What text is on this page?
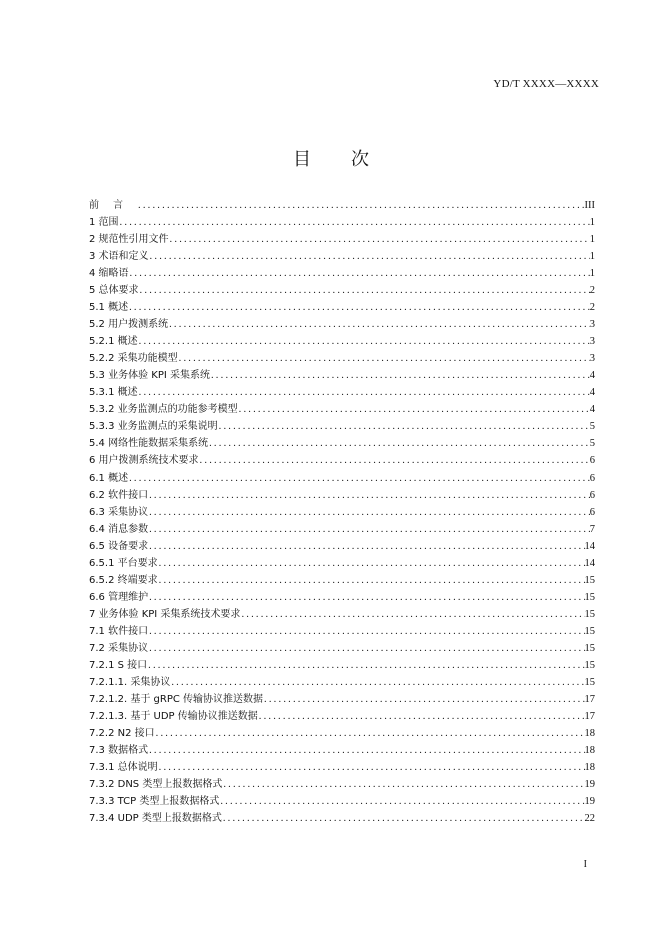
YD/T XXXX—XXXX
目 次
前言 .....	III
1 范围 .....	1
2 规范性引用文件 .....	1
3 术语和定义 .....	1
4 缩略语 .....	1
5 总体要求 .....	2
5.1 概述 .....	2
5.2 用户拨测系统 .....	3
5.2.1 概述 .....	3
5.2.2 采集功能模型 .....	3
5.3 业务体验 KPI 采集系统 .....	4
5.3.1 概述 .....	4
5.3.2 业务监测点的功能参考模型 .....	4
5.3.3 业务监测点的采集说明 .....	5
5.4 网络性能数据采集系统 .....	5
6 用户拨测系统技术要求 .....	6
6.1 概述 .....	6
6.2 软件接口 .....	6
6.3 采集协议 .....	6
6.4 消息参数 .....	7
6.5 设备要求 .....	14
6.5.1 平台要求 .....	14
6.5.2 终端要求 .....	15
6.6 管理维护 .....	15
7 业务体验 KPI 采集系统技术要求 .....	15
7.1 软件接口 .....	15
7.2 采集协议 .....	15
7.2.1 S 接口 .....	15
7.2.1.1. 采集协议 .....	15
7.2.1.2. 基于 gRPC 传输协议推送数据 .....	17
7.2.1.3. 基于 UDP 传输协议推送数据 .....	17
7.2.2 N2 接口 .....	18
7.3 数据格式 .....	18
7.3.1 总体说明 .....	18
7.3.2 DNS 类型上报数据格式 .....	19
7.3.3 TCP 类型上报数据格式 .....	19
7.3.4 UDP 类型上报数据格式 .....	22
I
